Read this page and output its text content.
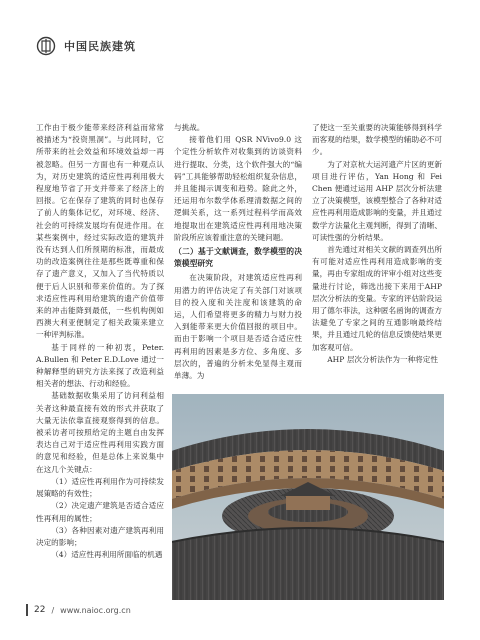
中国民族建筑

工作由于极少能带来经济利益而常常被描述为“投资黑洞”。与此同时，它所带来的社会效益和环境效益却一再被忽略。但另一方面也有一种观点认为，对历史建筑的适应性再利用极大程度地节省了开支并带来了经济上的回报。它在保存了建筑的同时也保存了前人的集体记忆，对环境、经济、社会的可持续发展均有促进作用。在某些案例中，经过实际改造的建筑并没有达到人们所预期的标准，而最成功的改造案例往往是那些既尊重和保存了遗产意义，又加入了当代特质以便于后人识别和带来价值的。为了探求适应性再利用给建筑的遗产价值带来的冲击能降到最低，一些机构例如西澳大利亚便制定了相关政策来建立一种评判标准。

基于同样的一种初衷，Peter. A.Bullen 和 Peter E.D.Love 通过一种解释型的研究方法来探了改造利益相关者的想法、行动和经验。

基础数据收集采用了访问利益相关者这种最直接有效的形式并获取了大量无法依靠直接观察得到的信息。被采访者可按照给定的主题自由发挥表达自己对于适应性再利用实践方面的意见和经验，但是总体上来说集中在这几个关键点：

（1）适应性再利用作为可持续发展策略的有效性；

（2）决定遗产建筑是否适合适应性再利用的属性；

（3）各种因素对遗产建筑再利用决定的影响；

（4）适应性再利用所面临的机遇

与挑战。

接着他们用 QSR NVivo9.0 这个定性分析软件对收集到的访谈资料进行提取、分类，这个软件强大的“编码”工具能够帮助轻松组织复杂信息，并且能揭示调变和趋势。除此之外，还运用布尔数学体系理清数据之间的逻辑关系，这一系列过程科学而高效地提取出在建筑适应性再利用地决策阶段所应该着重注意的关键问题。

（二）基于文献调查，数学模型的决策模型研究

在决策阶段，对建筑适应性再利用潜力的评估决定了有关部门对该项目的投入度和关注度和该建筑的命运，人们希望将更多的精力与财力投入到能带来更大价值回报的项目中。而由于影响一个项目是否适合适应性再利用的因素是多方位、多角度、多层次的，普遍的分析未免显得主观而单薄。为

了使这一至关重要的决策能够得到科学而客观的结果，数学模型的辅助必不可少。

为了对京杭大运河遗产片区的更新项目进行评估，Yan Hong 和 Fei Chen 便通过运用 AHP 层次分析法建立了决策模型，该模型整合了各种对适应性再利用造成影响的变量，并且通过数学方法量化主观判断，得到了清晰、可读性强的分析结果。

首先通过对相关文献的调查列出所有可能对适应性再利用造成影响的变量，再由专家组成的评审小组对这些变量进行讨论，筛选出接下来用于AHP 层次分析法的变量。专家的评估阶段运用了德尔菲法，这种匿名函询的调查方法避免了专家之间的互通影响最终结果，并且通过几轮的信息反馈使结果更加客观可信。

AHP 层次分析法作为一种将定性

22 / www.naioc.org.cn
